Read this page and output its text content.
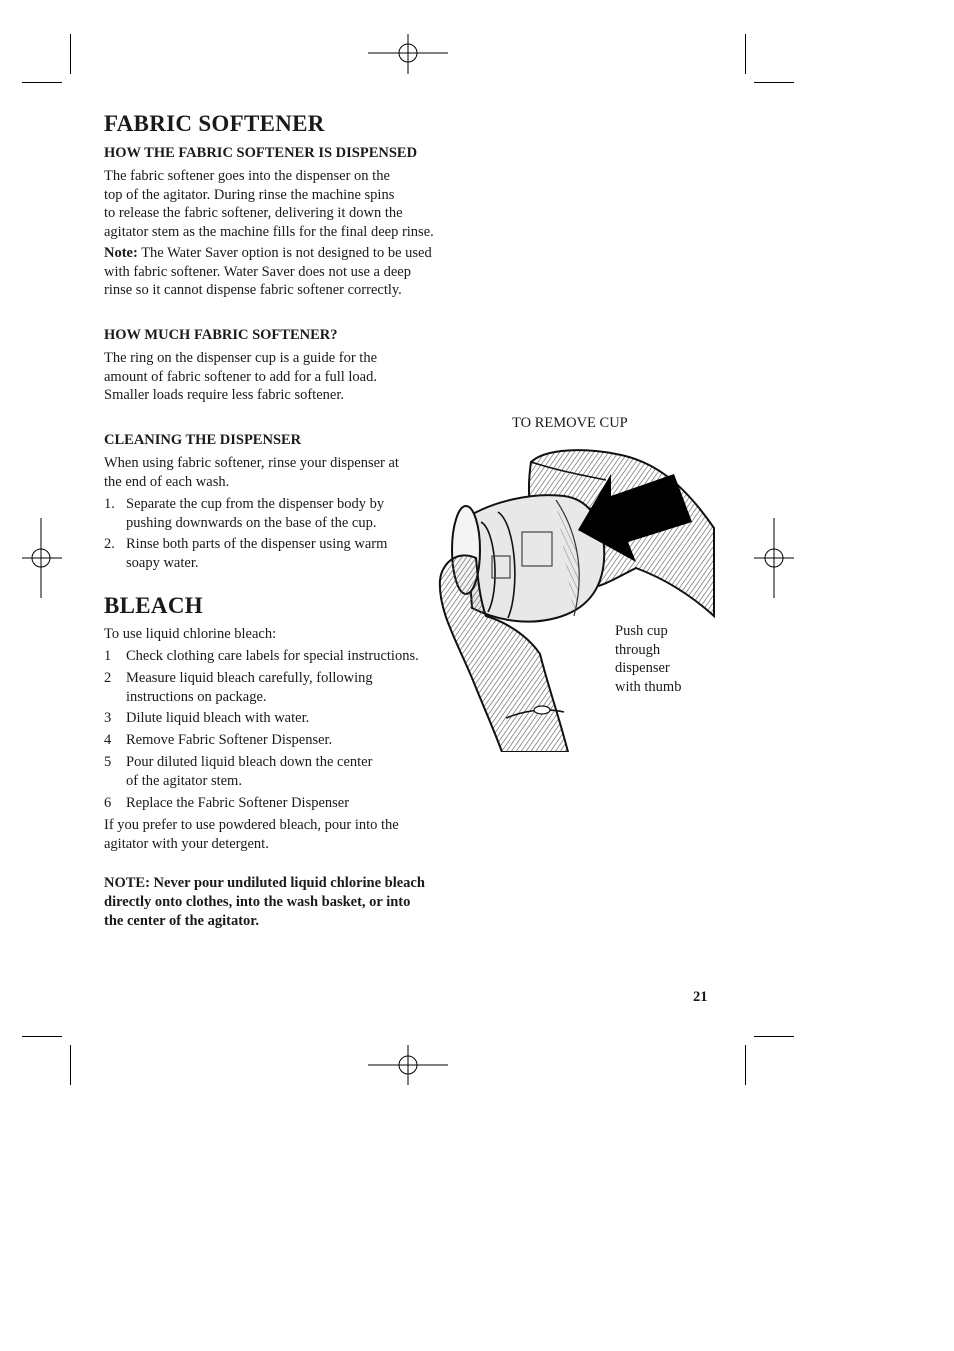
FABRIC SOFTENER
HOW THE FABRIC SOFTENER IS DISPENSED
The fabric softener goes into the dispenser on the
top of the agitator. During rinse the machine spins
to release the fabric softener, delivering it down the
agitator stem as the machine fills for the final deep rinse.
Note: The Water Saver option is not designed to be used
with fabric softener. Water Saver does not use a deep
rinse so it cannot dispense fabric softener correctly.
HOW MUCH FABRIC SOFTENER?
The ring on the dispenser cup is a guide for the
amount of fabric softener to add for a full load.
Smaller loads require less fabric softener.
CLEANING THE DISPENSER
When using fabric softener, rinse your dispenser at
the end of each wash.
1. Separate the cup from the dispenser body by
pushing downwards on the base of the cup.
2. Rinse both parts of the dispenser using warm
soapy water.
BLEACH
To use liquid chlorine bleach:
1 Check clothing care labels for special instructions.
2 Measure liquid bleach carefully, following
instructions on package.
3 Dilute liquid bleach with water.
4 Remove Fabric Softener Dispenser.
5 Pour diluted liquid bleach down the center
of the agitator stem.
6 Replace the Fabric Softener Dispenser
If you prefer to use powdered bleach, pour into the
agitator with your detergent.
NOTE: Never pour undiluted liquid chlorine bleach
directly onto clothes, into the wash basket, or into
the center of the agitator.
TO REMOVE CUP
Push cup
through
dispenser
with thumb
21
